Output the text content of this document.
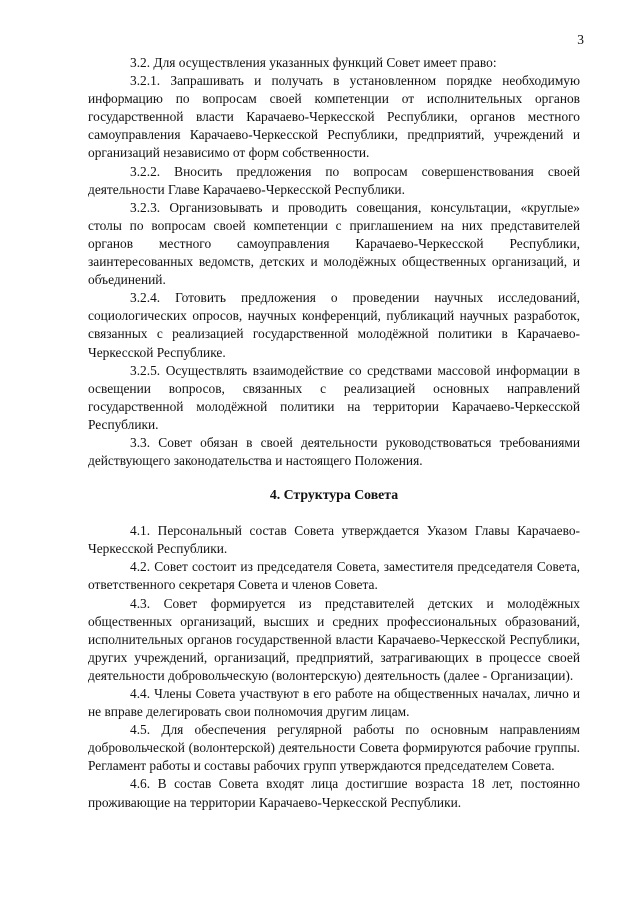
3

3.2. Для осуществления указанных функций Совет имеет право:

3.2.1. Запрашивать и получать в установленном порядке необходимую информацию по вопросам своей компетенции от исполнительных органов государственной власти Карачаево-Черкесской Республики, органов местного самоуправления Карачаево-Черкесской Республики, предприятий, учреждений и организаций независимо от форм собственности.

3.2.2. Вносить предложения по вопросам совершенствования своей деятельности Главе Карачаево-Черкесской Республики.

3.2.3. Организовывать и проводить совещания, консультации, «круглые» столы по вопросам своей компетенции с приглашением на них представителей органов местного самоуправления Карачаево-Черкесской Республики, заинтересованных ведомств, детских и молодёжных общественных организаций, и объединений.

3.2.4. Готовить предложения о проведении научных исследований, социологических опросов, научных конференций, публикаций научных разработок, связанных с реализацией государственной молодёжной политики в Карачаево-Черкесской Республике.

3.2.5. Осуществлять взаимодействие со средствами массовой информации в освещении вопросов, связанных с реализацией основных направлений государственной молодёжной политики на территории Карачаево-Черкесской Республики.

3.3. Совет обязан в своей деятельности руководствоваться требованиями действующего законодательства и настоящего Положения.

4. Структура Совета

4.1. Персональный состав Совета утверждается Указом Главы Карачаево-Черкесской Республики.

4.2. Совет состоит из председателя Совета, заместителя председателя Совета, ответственного секретаря Совета и членов Совета.

4.3. Совет формируется из представителей детских и молодёжных общественных организаций, высших и средних профессиональных образований, исполнительных органов государственной власти Карачаево-Черкесской Республики, других учреждений, организаций, предприятий, затрагивающих в процессе своей деятельности добровольческую (волонтерскую) деятельность (далее - Организации).

4.4. Члены Совета участвуют в его работе на общественных началах, лично и не вправе делегировать свои полномочия другим лицам.

4.5. Для обеспечения регулярной работы по основным направлениям добровольческой (волонтерской) деятельности Совета формируются рабочие группы. Регламент работы и составы рабочих групп утверждаются председателем Совета.

4.6. В состав Совета входят лица достигшие возраста 18 лет, постоянно проживающие на территории Карачаево-Черкесской Республики.
